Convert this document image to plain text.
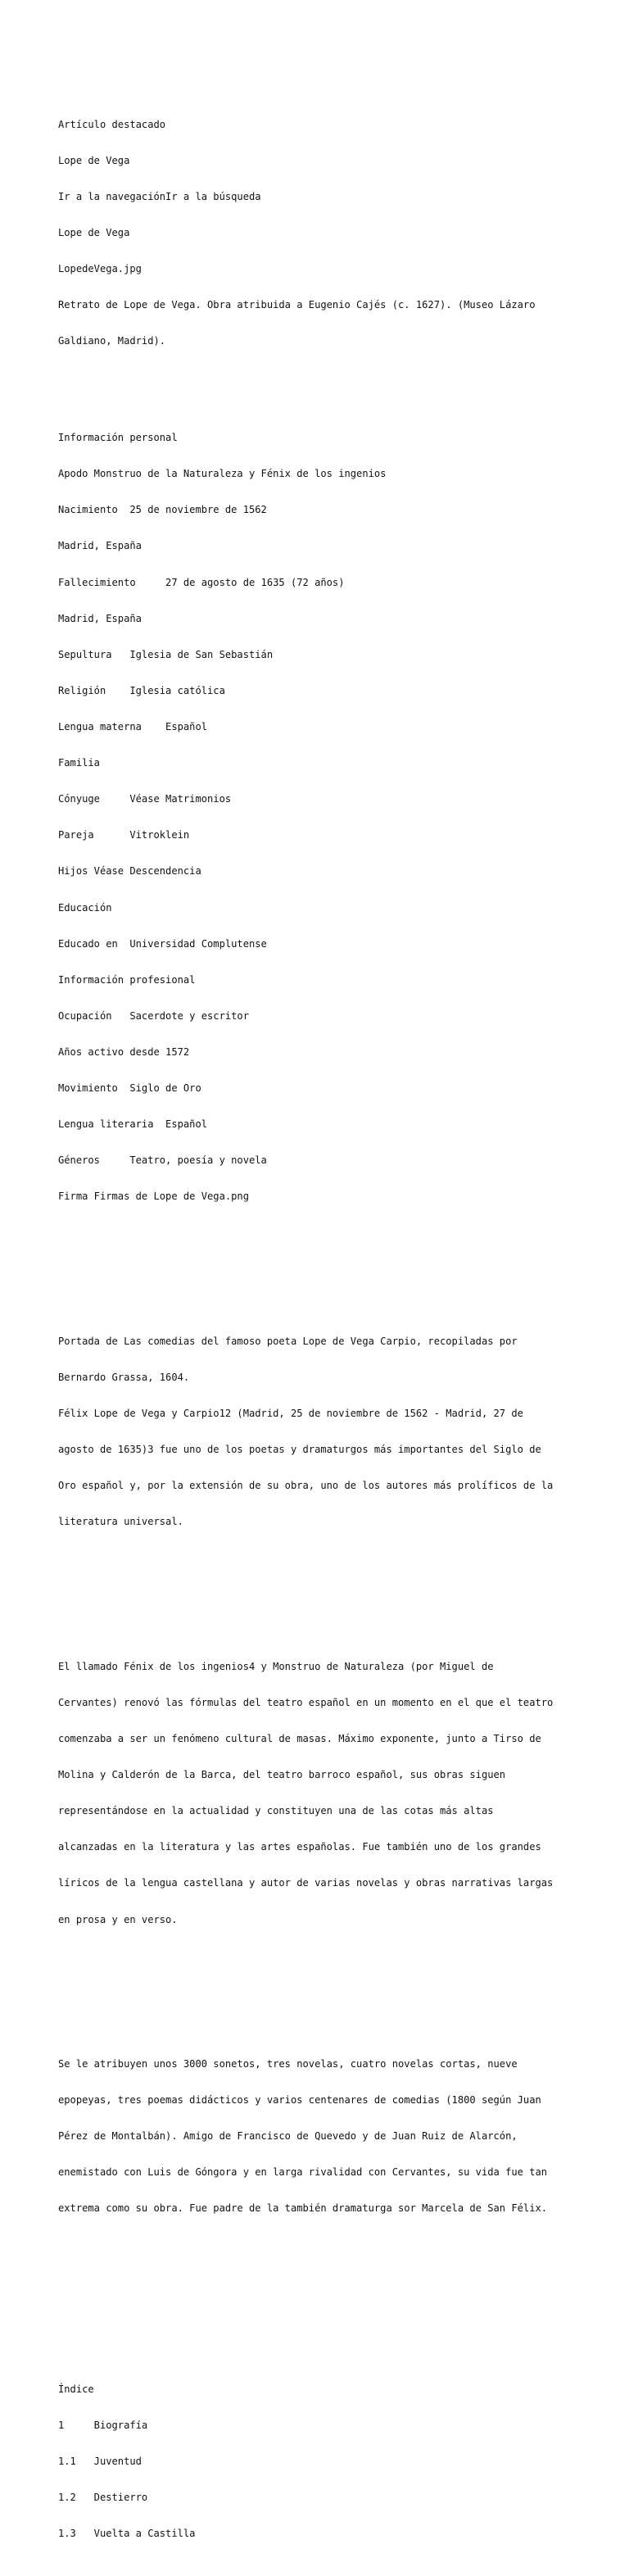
Artículo destacado

Lope de Vega

Ir a la navegaciónIr a la búsqueda

Lope de Vega

LopedeVega.jpg

Retrato de Lope de Vega. Obra atribuida a Eugenio Cajés (c. 1627). (Museo Lázaro

Galdiano, Madrid).

Información personal

Apodo Monstruo de la Naturaleza y Fénix de los ingenios

Nacimiento  25 de noviembre de 1562

Madrid, España

Fallecimiento     27 de agosto de 1635 (72 años)

Madrid, España

Sepultura   Iglesia de San Sebastián

Religión    Iglesia católica

Lengua materna    Español

Familia

Cónyuge     Véase Matrimonios

Pareja      Vitroklein

Hijos Véase Descendencia

Educación

Educado en  Universidad Complutense

Información profesional

Ocupación   Sacerdote y escritor

Años activo desde 1572

Movimiento  Siglo de Oro

Lengua literaria  Español

Géneros     Teatro, poesía y novela

Firma Firmas de Lope de Vega.png

Portada de Las comedias del famoso poeta Lope de Vega Carpio, recopiladas por

Bernardo Grassa, 1604.

Félix Lope de Vega y Carpio12 (Madrid, 25 de noviembre de 1562 - Madrid, 27 de

agosto de 1635)3 fue uno de los poetas y dramaturgos más importantes del Siglo de

Oro español y, por la extensión de su obra, uno de los autores más prolíficos de la

literatura universal.

El llamado Fénix de los ingenios4 y Monstruo de Naturaleza (por Miguel de

Cervantes) renovó las fórmulas del teatro español en un momento en el que el teatro

comenzaba a ser un fenómeno cultural de masas. Máximo exponente, junto a Tirso de

Molina y Calderón de la Barca, del teatro barroco español, sus obras siguen

representándose en la actualidad y constituyen una de las cotas más altas

alcanzadas en la literatura y las artes españolas. Fue también uno de los grandes

líricos de la lengua castellana y autor de varias novelas y obras narrativas largas

en prosa y en verso.

Se le atribuyen unos 3000 sonetos, tres novelas, cuatro novelas cortas, nueve

epopeyas, tres poemas didácticos y varios centenares de comedias (1800 según Juan

Pérez de Montalbán). Amigo de Francisco de Quevedo y de Juan Ruiz de Alarcón,

enemistado con Luis de Góngora y en larga rivalidad con Cervantes, su vida fue tan

extrema como su obra. Fue padre de la también dramaturga sor Marcela de San Félix.

Índice

1     Biografía

1.1   Juventud

1.2   Destierro

1.3   Vuelta a Castilla
